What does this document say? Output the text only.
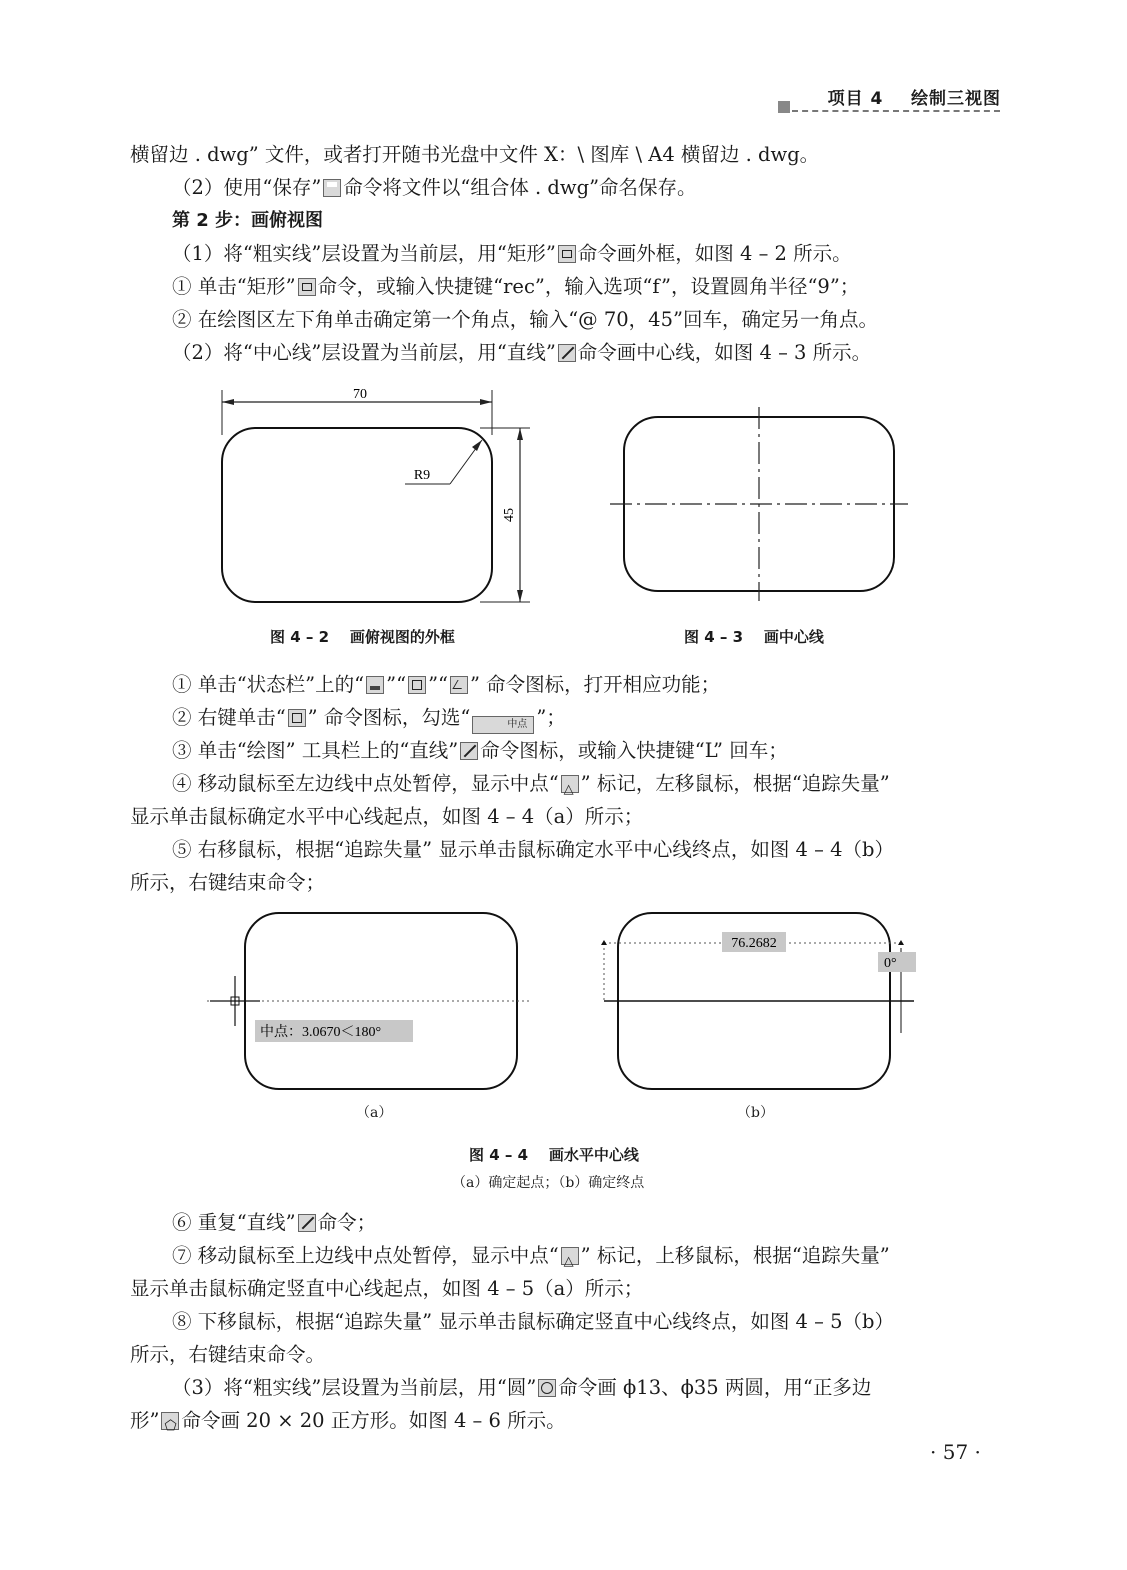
项目 4    绘制三视图
横留边 . dwg” 文件，或者打开随书光盘中文件 X：\ 图库 \ A4 横留边 . dwg。
（2）使用“保存” 命令将文件以“组合体 . dwg”命名保存。
第 2 步：画俯视图
（1）将“粗实线”层设置为当前层，用“矩形” 命令画外框，如图 4 – 2 所示。
① 单击“矩形” 命令，或输入快捷键“rec”，输入选项“f”，设置圆角半径“9”；
② 在绘图区左下角单击确定第一个角点，输入“@ 70，45”回车，确定另一角点。
（2）将“中心线”层设置为当前层，用“直线” 命令画中心线，如图 4 – 3 所示。
70
45
R9
图 4 – 2    画俯视图的外框	图 4 – 3    画中心线
① 单击“状态栏”上的“ ”“ ”“ ” 命令图标，打开相应功能；
② 右键单击“ ” 命令图标，勾选“	中点 ”；
③ 单击“绘图” 工具栏上的“直线” 命令图标，或输入快捷键“L” 回车；
④ 移动鼠标至左边线中点处暂停，显示中点“ △ ” 标记，左移鼠标，根据“追踪失量”
显示单击鼠标确定水平中心线起点，如图 4 – 4（a）所示；
⑤ 右移鼠标，根据“追踪失量” 显示单击鼠标确定水平中心线终点，如图 4 – 4（b）
所示，右键结束命令；
中点：3.0670＜180°
（a）
76.2682
0°
（b）
图 4 – 4    画水平中心线
（a）确定起点；（b）确定终点
⑥ 重复“直线” 命令；
⑦ 移动鼠标至上边线中点处暂停，显示中点“ △ ” 标记，上移鼠标，根据“追踪失量”
显示单击鼠标确定竖直中心线起点，如图 4 – 5（a）所示；
⑧ 下移鼠标，根据“追踪失量” 显示单击鼠标确定竖直中心线终点，如图 4 – 5（b）
所示，右键结束命令。
（3）将“粗实线”层设置为当前层，用“圆” 命令画 ϕ13、ϕ35 两圆，用“正多边
形” ⬠ 命令画 20 × 20 正方形。如图 4 – 6 所示。
· 57 ·
